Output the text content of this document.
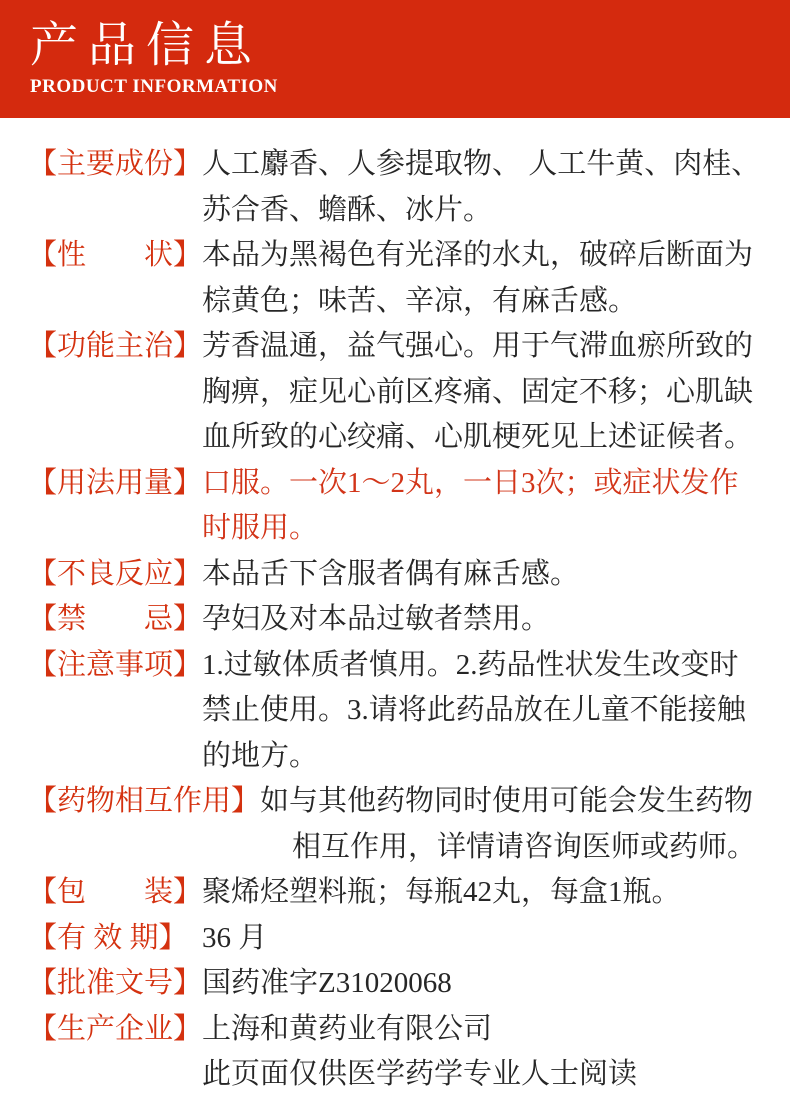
产品信息
PRODUCT INFORMATION
【主要成份】 人工麝香、人参提取物、 人工牛黄、肉桂、
苏合香、蟾酥、冰片。
【性　　状】 本品为黑褐色有光泽的水丸，破碎后断面为
棕黄色；味苦、辛凉，有麻舌感。
【功能主治】 芳香温通，益气强心。用于气滞血瘀所致的
胸痹，症见心前区疼痛、固定不移；心肌缺
血所致的心绞痛、心肌梗死见上述证候者。
【用法用量】 口服。一次1～2丸，一日3次；或症状发作
时服用。
【不良反应】 本品舌下含服者偶有麻舌感。
【禁　　忌】 孕妇及对本品过敏者禁用。
【注意事项】 1.过敏体质者慎用。2.药品性状发生改变时
禁止使用。3.请将此药品放在儿童不能接触
的地方。
【药物相互作用】 如与其他药物同时使用可能会发生药物
相互作用，详情请咨询医师或药师。
【包　　装】 聚烯烃塑料瓶；每瓶42丸，每盒1瓶。
【有 效 期】 36 月
【批准文号】 国药准字Z31020068
【生产企业】 上海和黄药业有限公司
此页面仅供医学药学专业人士阅读
